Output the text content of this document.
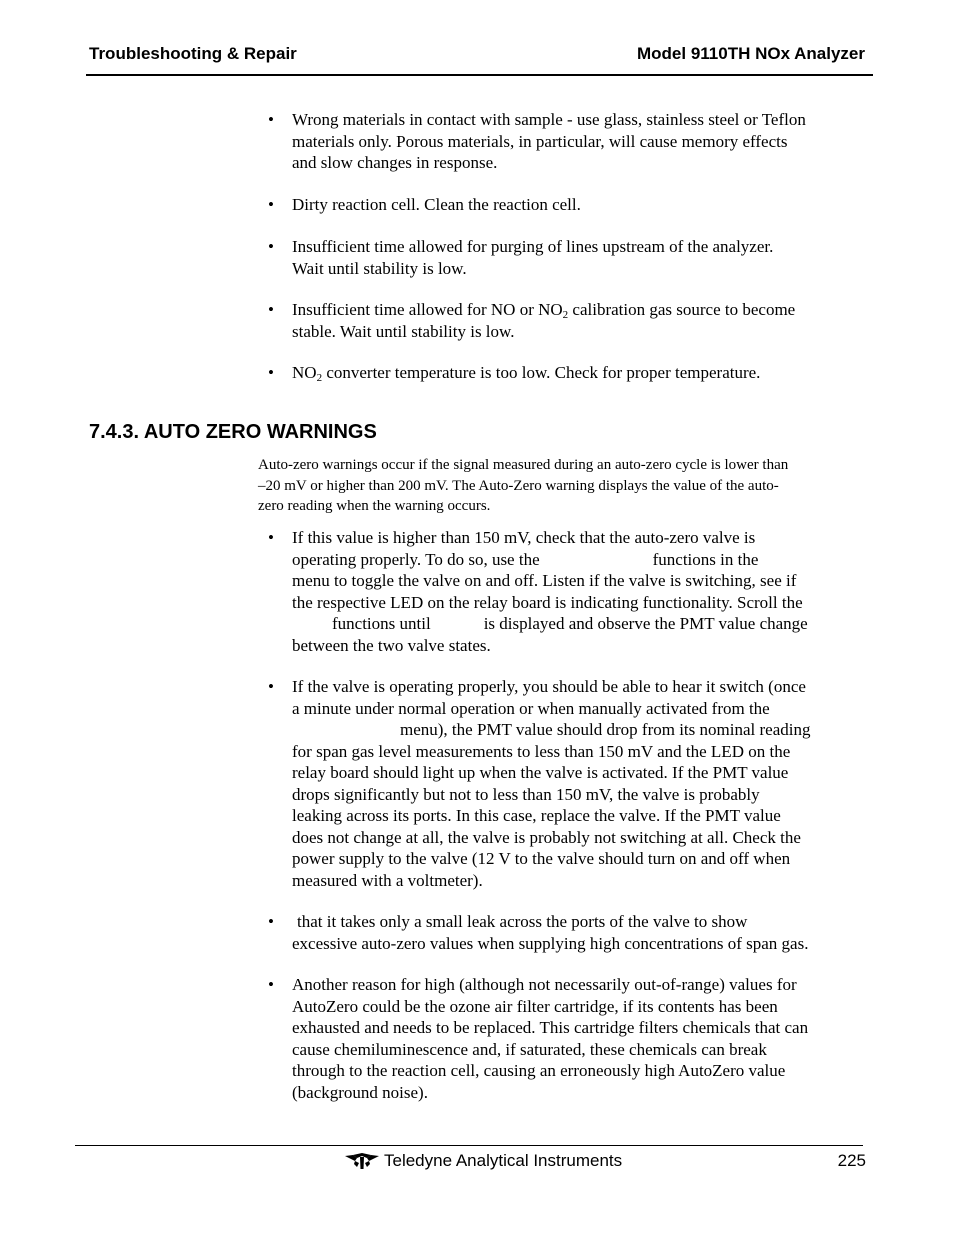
Troubleshooting & Repair	Model 9110TH NOx Analyzer
• Wrong materials in contact with sample - use glass, stainless steel or Teflon
materials only. Porous materials, in particular, will cause memory effects
and slow changes in response.
• Dirty reaction cell. Clean the reaction cell.
• Insufficient time allowed for purging of lines upstream of the analyzer.
Wait until stability is low.
• Insufficient time allowed for NO or $NO_2$ calibration gas source to become
stable. Wait until stability is low.
• $NO_2$ converter temperature is too low. Check for proper temperature.
7.4.3. AUTO ZERO WARNINGS
Auto-zero warnings occur if the signal measured during an auto-zero cycle is lower than
–20 mV or higher than 200 mV. The Auto-Zero warning displays the value of the auto-
zero reading when the warning occurs.
• If this value is higher than 150 mV, check that the auto-zero valve is
operating properly. To do so, use the	functions in the
menu to toggle the valve on and off. Listen if the valve is switching, see if
the respective LED on the relay board is indicating functionality. Scroll the
functions until	is displayed and observe the PMT value change
between the two valve states.
• If the valve is operating properly, you should be able to hear it switch (once
a minute under normal operation or when manually activated from the
menu), the PMT value should drop from its nominal reading
for span gas level measurements to less than 150 mV and the LED on the
relay board should light up when the valve is activated. If the PMT value
drops significantly but not to less than 150 mV, the valve is probably
leaking across its ports. In this case, replace the valve. If the PMT value
does not change at all, the valve is probably not switching at all. Check the
power supply to the valve (12 V to the valve should turn on and off when
measured with a voltmeter).
• that it takes only a small leak across the ports of the valve to show
excessive auto-zero values when supplying high concentrations of span gas.
• Another reason for high (although not necessarily out-of-range) values for
AutoZero could be the ozone air filter cartridge, if its contents has been
exhausted and needs to be replaced. This cartridge filters chemicals that can
cause chemiluminescence and, if saturated, these chemicals can break
through to the reaction cell, causing an erroneously high AutoZero value
(background noise).
Teledyne Analytical Instruments	225
